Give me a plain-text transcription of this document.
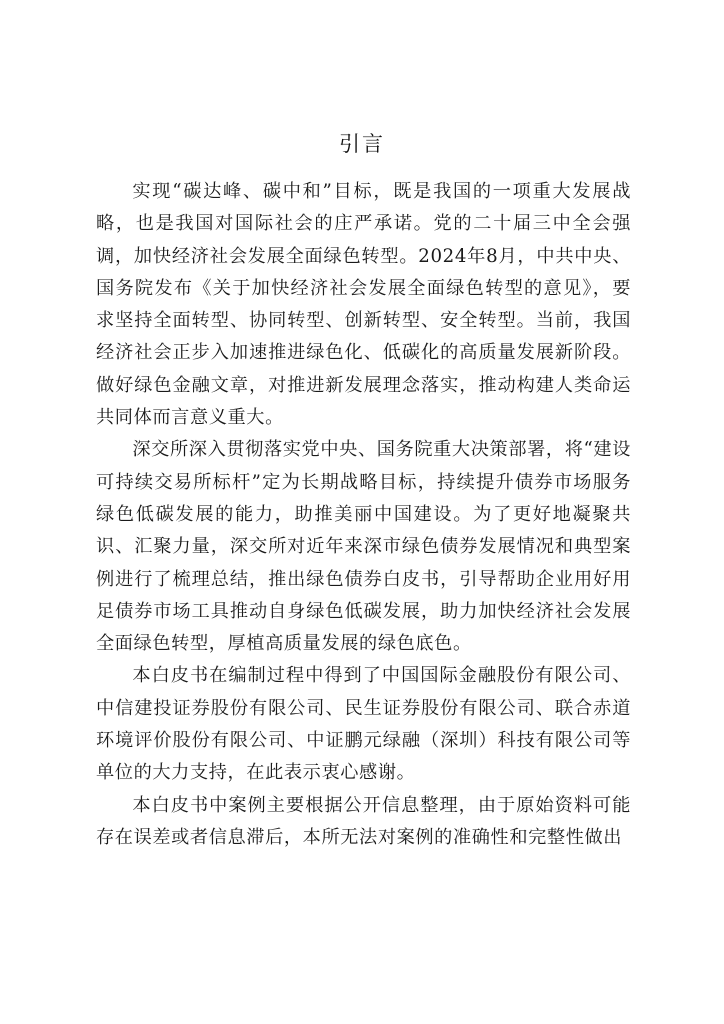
引言

实现“碳达峰、碳中和”目标，既是我国的一项重大发展战略，也是我国对国际社会的庄严承诺。党的二十届三中全会强调，加快经济社会发展全面绿色转型。2024年8月，中共中央、国务院发布《关于加快经济社会发展全面绿色转型的意见》，要求坚持全面转型、协同转型、创新转型、安全转型。当前，我国经济社会正步入加速推进绿色化、低碳化的高质量发展新阶段。做好绿色金融文章，对推进新发展理念落实，推动构建人类命运共同体而言意义重大。

深交所深入贯彻落实党中央、国务院重大决策部署，将“建设可持续交易所标杆”定为长期战略目标，持续提升债券市场服务绿色低碳发展的能力，助推美丽中国建设。为了更好地凝聚共识、汇聚力量，深交所对近年来深市绿色债券发展情况和典型案例进行了梳理总结，推出绿色债券白皮书，引导帮助企业用好用足债券市场工具推动自身绿色低碳发展，助力加快经济社会发展全面绿色转型，厚植高质量发展的绿色底色。

本白皮书在编制过程中得到了中国国际金融股份有限公司、中信建投证券股份有限公司、民生证券股份有限公司、联合赤道环境评价股份有限公司、中证鹏元绿融（深圳）科技有限公司等单位的大力支持，在此表示衷心感谢。

本白皮书中案例主要根据公开信息整理，由于原始资料可能存在误差或者信息滞后，本所无法对案例的准确性和完整性做出
